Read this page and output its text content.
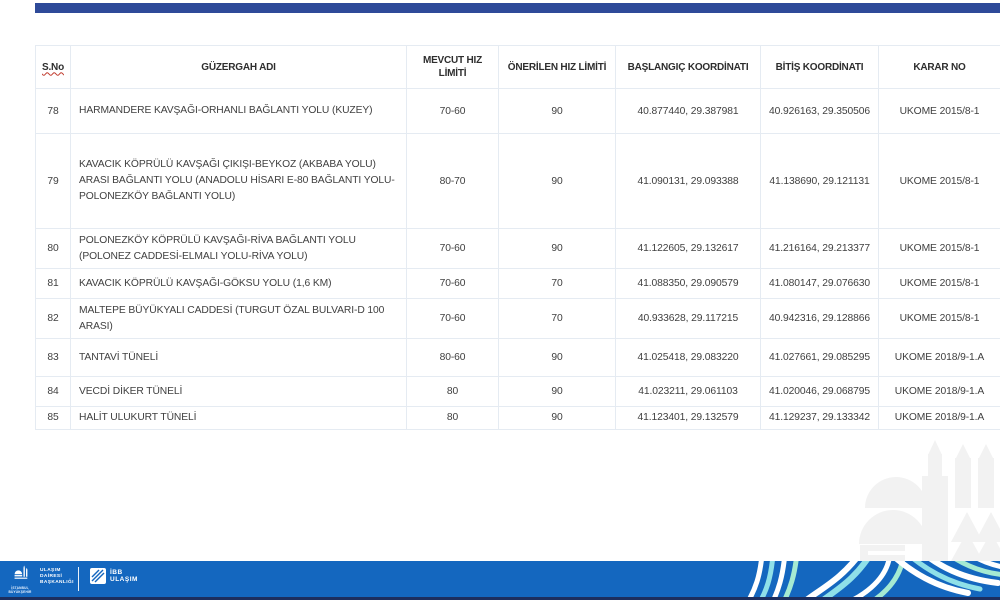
S.No	GÜZERGAH ADI	MEVCUT HIZ LİMİTİ	ÖNERİLEN HIZ LİMİTİ	BAŞLANGIÇ KOORDİNATI	BİTİŞ KOORDİNATI	KARAR NO
78	HARMANDERE KAVŞAĞI-ORHANLI BAĞLANTI YOLU (KUZEY)	70-60	90	40.877440, 29.387981	40.926163, 29.350506	UKOME 2015/8-1
79	KAVACIK KÖPRÜLÜ KAVŞAĞI ÇIKIŞI-BEYKOZ (AKBABA YOLU) ARASI BAĞLANTI YOLU (ANADOLU HİSARI E-80 BAĞLANTI YOLU-POLONEZKÖY BAĞLANTI YOLU)	80-70	90	41.090131, 29.093388	41.138690, 29.121131	UKOME 2015/8-1
80	POLONEZKÖY KÖPRÜLÜ KAVŞAĞI-RİVA BAĞLANTI YOLU (POLONEZ CADDESİ-ELMALI YOLU-RİVA YOLU)	70-60	90	41.122605, 29.132617	41.216164, 29.213377	UKOME 2015/8-1
81	KAVACIK KÖPRÜLÜ KAVŞAĞI-GÖKSU YOLU (1,6 KM)	70-60	70	41.088350, 29.090579	41.080147, 29.076630	UKOME 2015/8-1
82	MALTEPE BÜYÜKYALI CADDESİ (TURGUT ÖZAL BULVARI-D 100 ARASI)	70-60	70	40.933628, 29.117215	40.942316, 29.128866	UKOME 2015/8-1
83	TANTAVİ TÜNELİ	80-60	90	41.025418, 29.083220	41.027661, 29.085295	UKOME 2018/9-1.A
84	VECDİ DİKER TÜNELİ	80	90	41.023211, 29.061103	41.020046, 29.068795	UKOME 2018/9-1.A
85	HALİT ULUKURT TÜNELİ	80	90	41.123401, 29.132579	41.129237, 29.133342	UKOME 2018/9-1.A
İSTANBUL
BÜYÜKŞEHİR
ULAŞIM
DAİRESİ
BAŞKANLIĞI
İBB
ULAŞIM
